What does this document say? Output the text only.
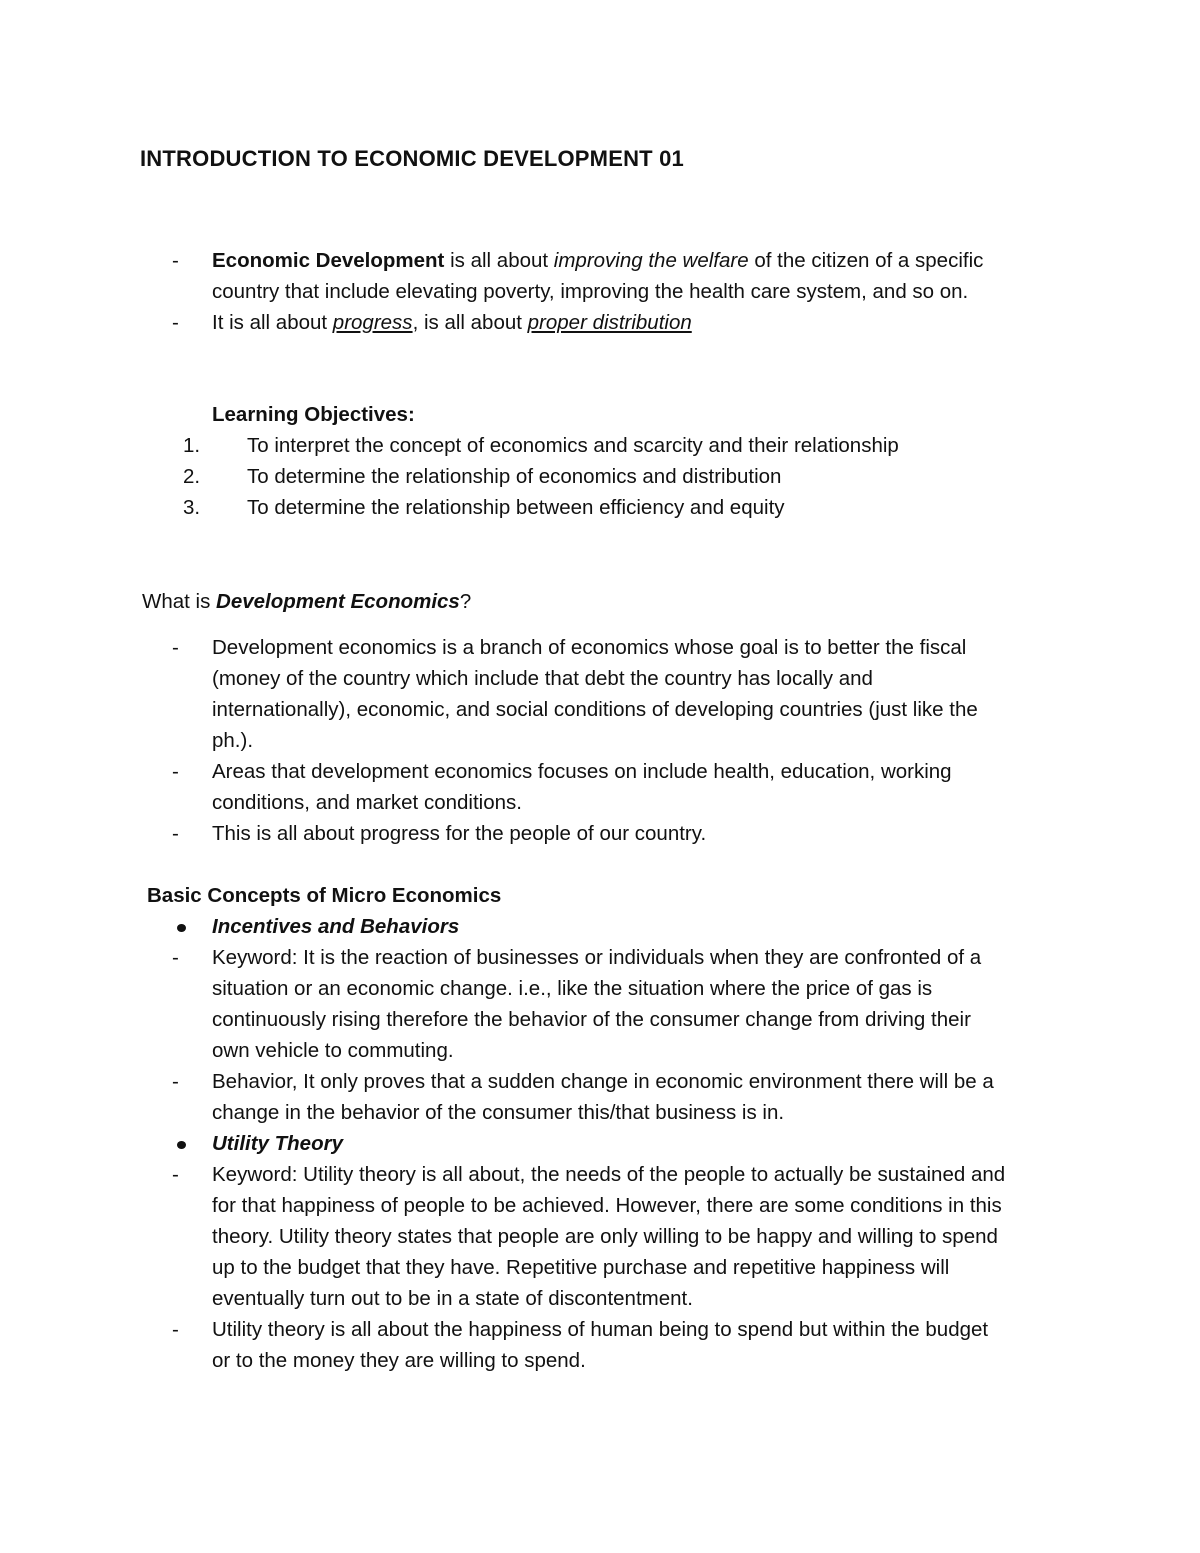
INTRODUCTION TO ECONOMIC DEVELOPMENT 01
- Economic Development is all about improving the welfare of the citizen of a specific
country that include elevating poverty, improving the health care system, and so on.
- It is all about progress, is all about proper distribution
Learning Objectives:
1. To interpret the concept of economics and scarcity and their relationship
2. To determine the relationship of economics and distribution
3. To determine the relationship between efficiency and equity
What is Development Economics?
- Development economics is a branch of economics whose goal is to better the fiscal
(money of the country which include that debt the country has locally and
internationally), economic, and social conditions of developing countries (just like the
ph.).
- Areas that development economics focuses on include health, education, working
conditions, and market conditions.
- This is all about progress for the people of our country.
Basic Concepts of Micro Economics
Incentives and Behaviors
- Keyword: It is the reaction of businesses or individuals when they are confronted of a
situation or an economic change. i.e., like the situation where the price of gas is
continuously rising therefore the behavior of the consumer change from driving their
own vehicle to commuting.
- Behavior, It only proves that a sudden change in economic environment there will be a
change in the behavior of the consumer this/that business is in.
Utility Theory
- Keyword: Utility theory is all about, the needs of the people to actually be sustained and
for that happiness of people to be achieved. However, there are some conditions in this
theory. Utility theory states that people are only willing to be happy and willing to spend
up to the budget that they have. Repetitive purchase and repetitive happiness will
eventually turn out to be in a state of discontentment.
- Utility theory is all about the happiness of human being to spend but within the budget
or to the money they are willing to spend.
